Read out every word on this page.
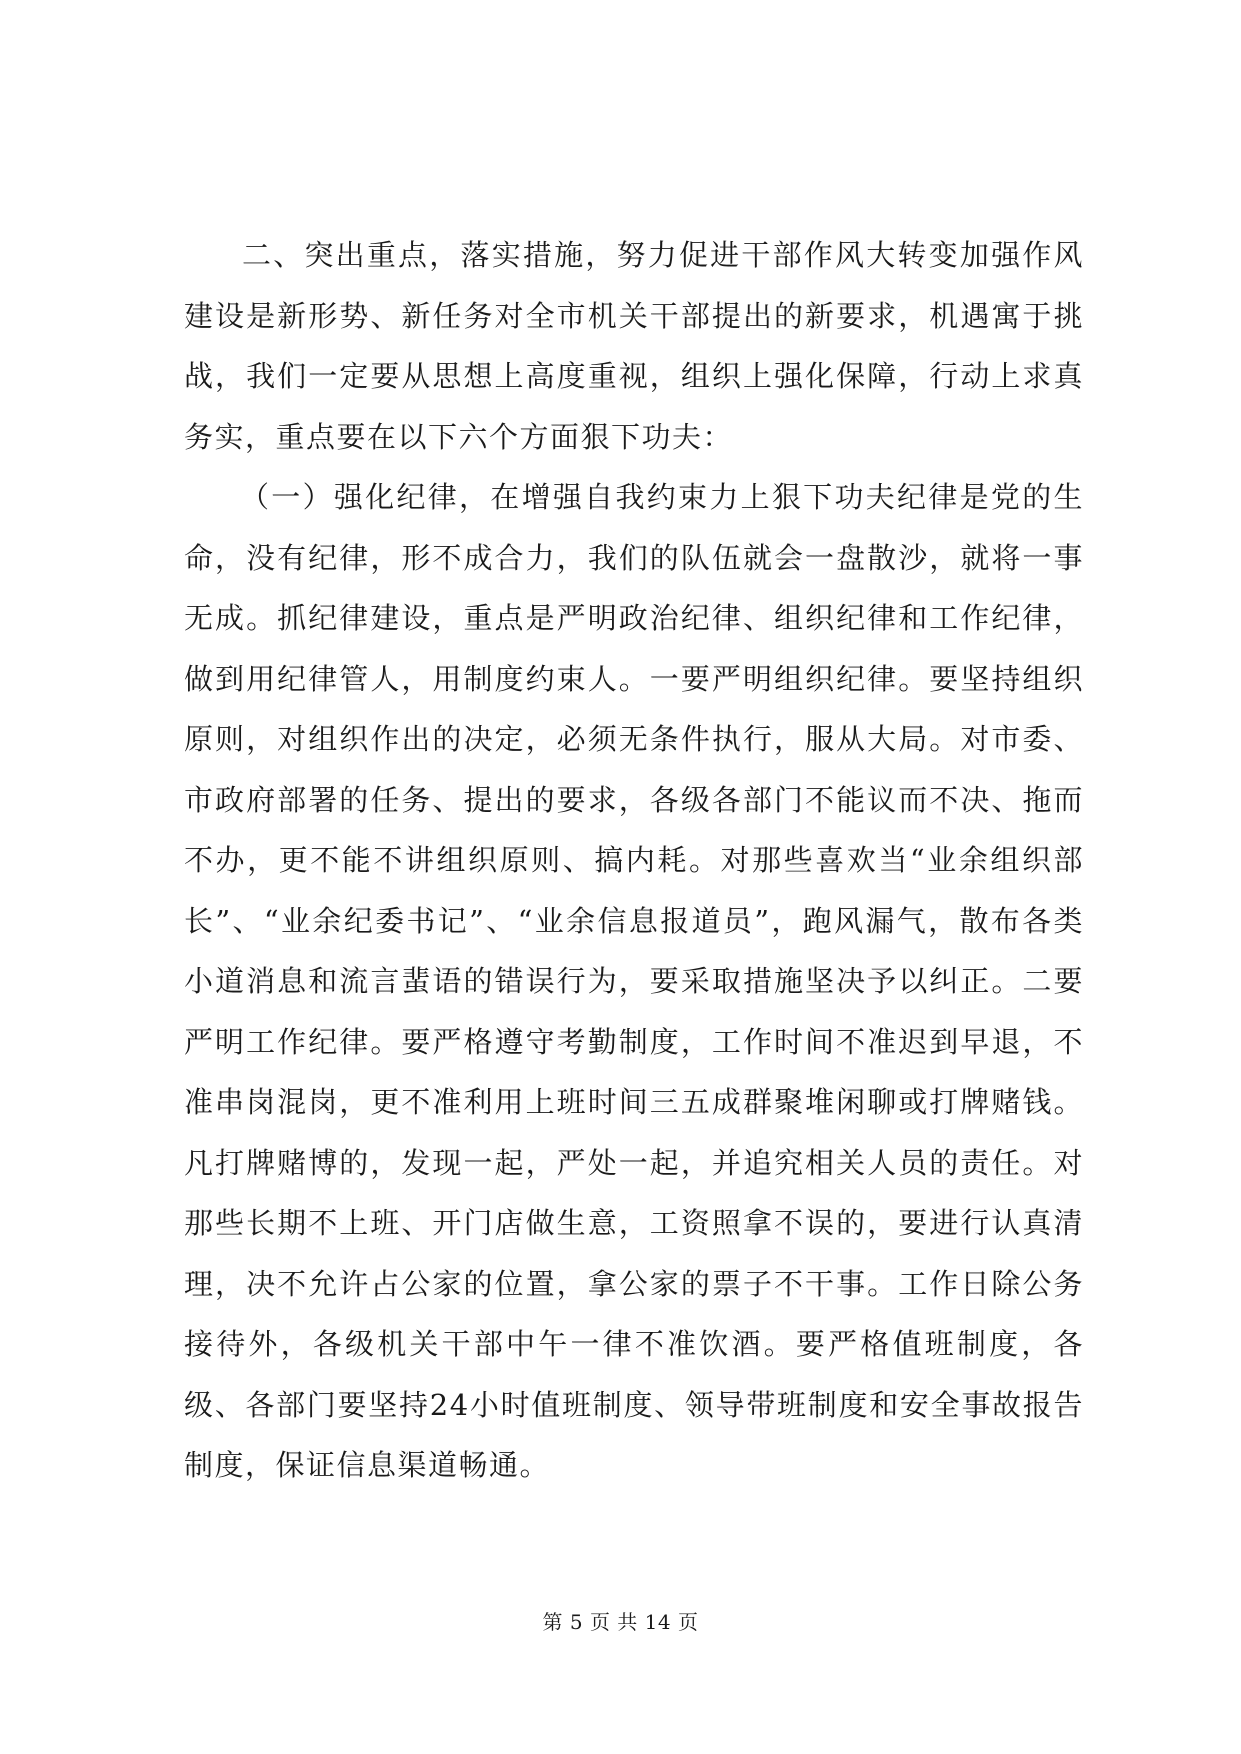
二、突出重点，落实措施，努力促进干部作风大转变加强作风建设是新形势、新任务对全市机关干部提出的新要求，机遇寓于挑战，我们一定要从思想上高度重视，组织上强化保障，行动上求真务实，重点要在以下六个方面狠下功夫：

（一）强化纪律，在增强自我约束力上狠下功夫纪律是党的生命，没有纪律，形不成合力，我们的队伍就会一盘散沙，就将一事无成。抓纪律建设，重点是严明政治纪律、组织纪律和工作纪律，做到用纪律管人，用制度约束人。一要严明组织纪律。要坚持组织原则，对组织作出的决定，必须无条件执行，服从大局。对市委、市政府部署的任务、提出的要求，各级各部门不能议而不决、拖而不办，更不能不讲组织原则、搞内耗。对那些喜欢当“业余组织部长”、“业余纪委书记”、“业余信息报道员”，跑风漏气，散布各类小道消息和流言蜚语的错误行为，要采取措施坚决予以纠正。二要严明工作纪律。要严格遵守考勤制度，工作时间不准迟到早退，不准串岗混岗，更不准利用上班时间三五成群聚堆闲聊或打牌赌钱。凡打牌赌博的，发现一起，严处一起，并追究相关人员的责任。对那些长期不上班、开门店做生意，工资照拿不误的，要进行认真清理，决不允许占公家的位置，拿公家的票子不干事。工作日除公务接待外，各级机关干部中午一律不准饮酒。要严格值班制度，各级、各部门要坚持24小时值班制度、领导带班制度和安全事故报告制度，保证信息渠道畅通。

第 5 页 共 14 页
